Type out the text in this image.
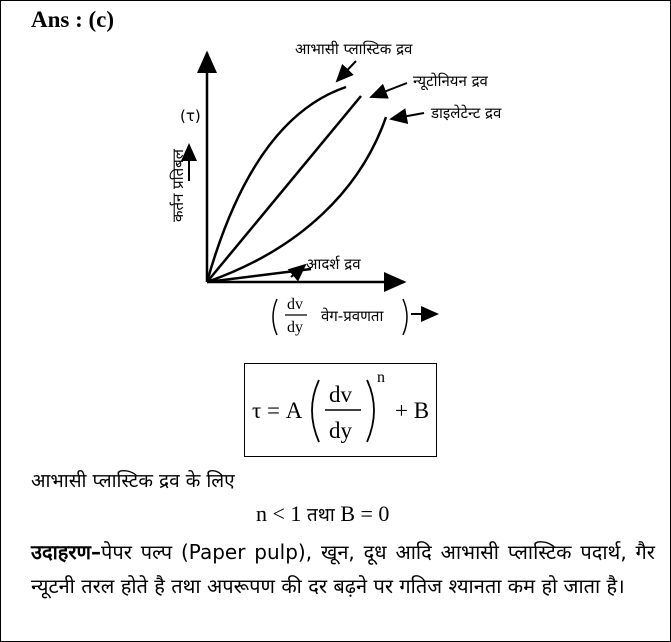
Ans : (c)
आभासी प्लास्टिक द्रव
न्यूटोनियन द्रव
डाइलेटेन्ट द्रव
आदर्श द्रव
(τ)
कर्तन प्रतिबल
dv
dy
वेग-प्रवणता
τ = A
dv
dy
n
+ B
आभासी प्लास्टिक द्रव के लिए
n < 1 तथा B = 0
उदाहरण–पेपर पल्प (Paper pulp), खून, दूध आदि आभासी प्लास्टिक पदार्थ, गैर न्यूटनी तरल होते है तथा अपरूपण की दर बढ़ने पर गतिज श्यानता कम हो जाता है।
